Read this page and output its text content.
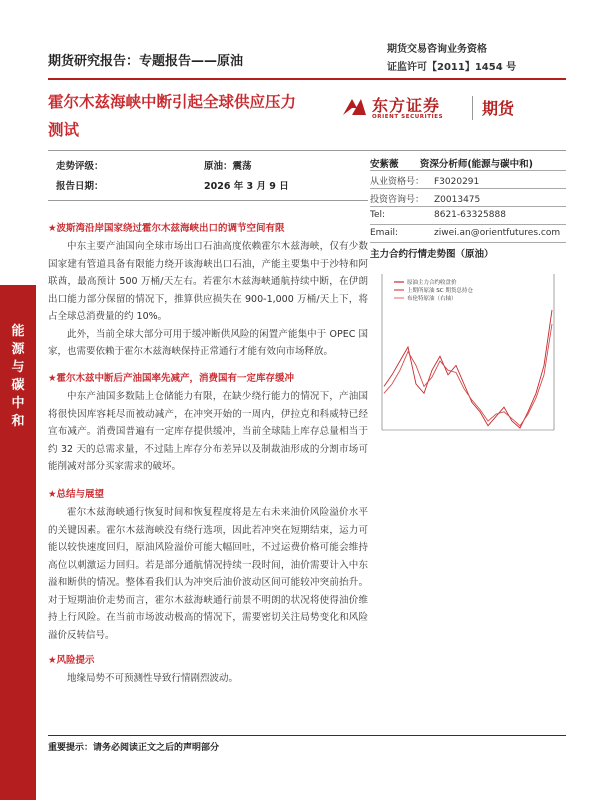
能
源
与
碳
中
和
期货研究报告：专题报告——原油
期货交易咨询业务资格
证监许可【2011】1454 号
霍尔木兹海峡中断引起全球供应压力
测试
东方证券
ORIENT SECURITIES 期货
走势评级：	原油：震荡
报告日期：	2026 年 3 月 9 日
安紫薇 资深分析师(能源与碳中和)
从业资格号： F3020291
投资咨询号： Z0013475
Tel:	8621-63325888
Email:	ziwei.an@orientfutures.com
主力合约行情走势图（原油）
原油主力合约收盘价
上期所原油 SC 期货总持仓
布伦特原油（右轴）
★波斯湾沿岸国家绕过霍尔木兹海峡出口的调节空间有限

中东主要产油国向全球市场出口石油高度依赖霍尔木兹海峡，仅有少数国家建有管道具备有限能力绕开该海峡出口石油，产能主要集中于沙特和阿联酋，最高预计 500 万桶/天左右。若霍尔木兹海峡通航持续中断，在伊朗出口能力部分保留的情况下，推算供应损失在 900-1,000 万桶/天上下，将占全球总消费量的约 10%。

此外，当前全球大部分可用于缓冲断供风险的闲置产能集中于 OPEC 国家，也需要依赖于霍尔木兹海峡保持正常通行才能有效向市场释放。

★霍尔木兹中断后产油国率先减产，消费国有一定库存缓冲

中东产油国多数陆上仓储能力有限，在缺少绕行能力的情况下，产油国将很快因库容耗尽而被动减产，在冲突开始的一周内，伊拉克和科威特已经宣布减产。消费国普遍有一定库存提供缓冲，当前全球陆上库存总量相当于约 32 天的总需求量，不过陆上库存分布差异以及制裁油形成的分割市场可能削减对部分买家需求的破坏。

★总结与展望

霍尔木兹海峡通行恢复时间和恢复程度将是左右未来油价风险溢价水平的关键因素。霍尔木兹海峡没有绕行选项，因此若冲突在短期结束，运力可能以较快速度回归，原油风险溢价可能大幅回吐，不过运费价格可能会维持高位以刺激运力回归。若是部分通航情况持续一段时间，油价需要计入中东溢和断供的情况。整体看我们认为冲突后油价波动区间可能较冲突前抬升。对于短期油价走势而言，霍尔木兹海峡通行前景不明朗的状况将使得油价维持上行风险。在当前市场波动极高的情况下，需要密切关注局势变化和风险溢价反转信号。

★风险提示

地缘局势不可预测性导致行情剧烈波动。

重要提示：请务必阅读正文之后的声明部分
